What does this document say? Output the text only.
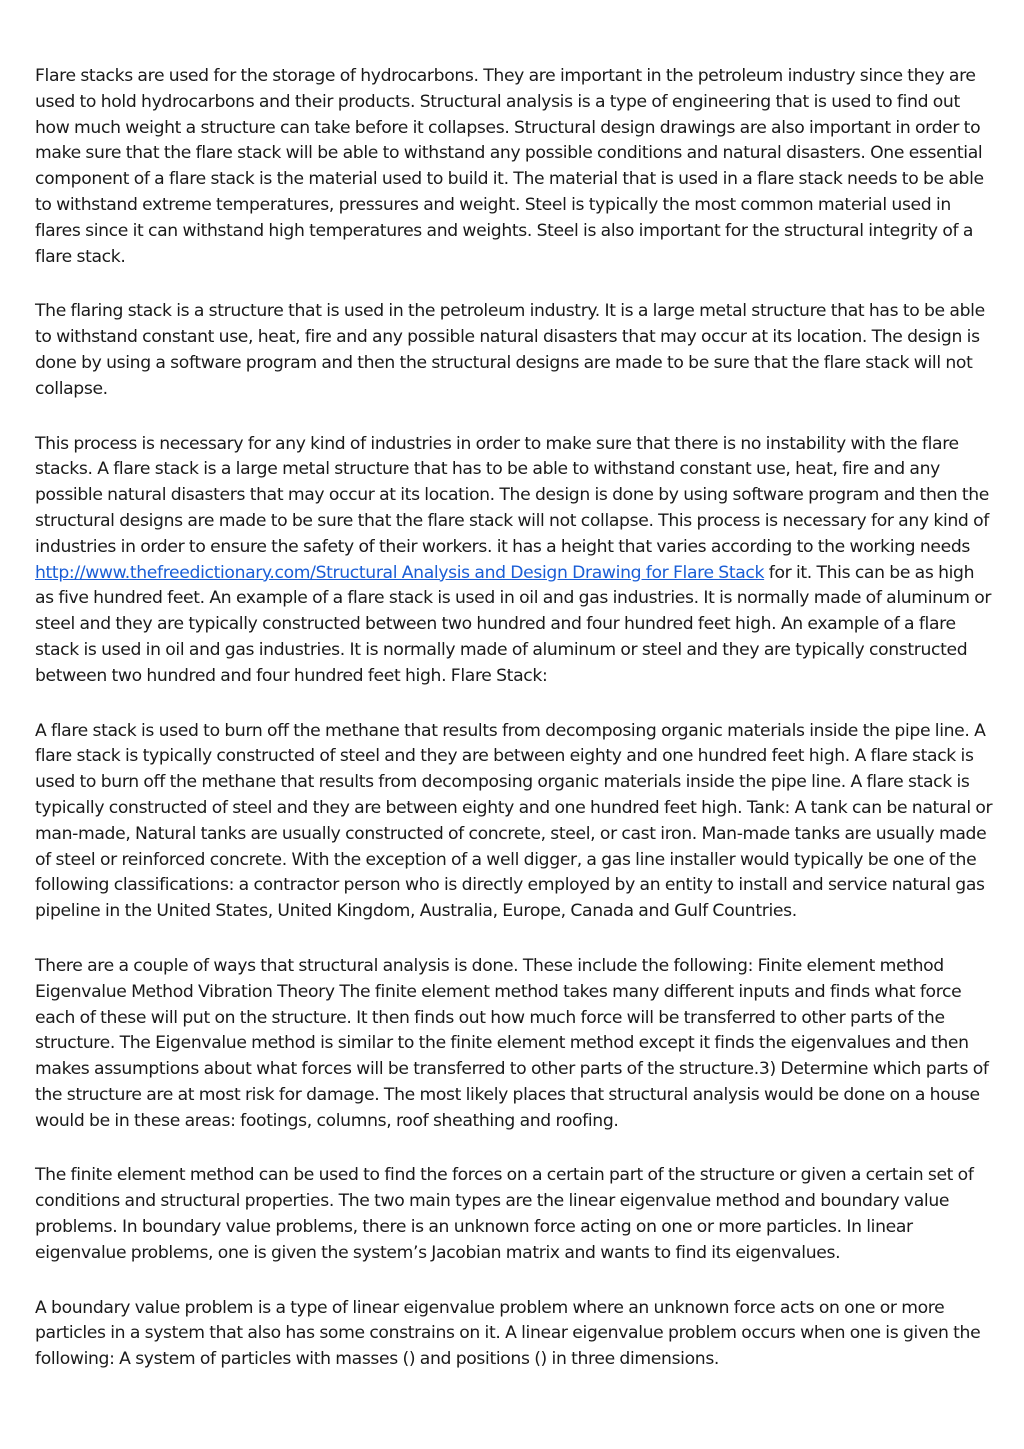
Flare stacks are used for the storage of hydrocarbons. They are important in the petroleum industry since they are used to hold hydrocarbons and their products. Structural analysis is a type of engineering that is used to find out how much weight a structure can take before it collapses. Structural design drawings are also important in order to make sure that the flare stack will be able to withstand any possible conditions and natural disasters. One essential component of a flare stack is the material used to build it. The material that is used in a flare stack needs to be able to withstand extreme temperatures, pressures and weight. Steel is typically the most common material used in flares since it can withstand high temperatures and weights. Steel is also important for the structural integrity of a flare stack.

The flaring stack is a structure that is used in the petroleum industry. It is a large metal structure that has to be able to withstand constant use, heat, fire and any possible natural disasters that may occur at its location. The design is done by using a software program and then the structural designs are made to be sure that the flare stack will not collapse.

This process is necessary for any kind of industries in order to make sure that there is no instability with the flare stacks. A flare stack is a large metal structure that has to be able to withstand constant use, heat, fire and any possible natural disasters that may occur at its location. The design is done by using software program and then the structural designs are made to be sure that the flare stack will not collapse. This process is necessary for any kind of industries in order to ensure the safety of their workers. it has a height that varies according to the working needs http://www.thefreedictionary.com/Structural Analysis and Design Drawing for Flare Stack for it. This can be as high as five hundred feet. An example of a flare stack is used in oil and gas industries. It is normally made of aluminum or steel and they are typically constructed between two hundred and four hundred feet high. An example of a flare stack is used in oil and gas industries. It is normally made of aluminum or steel and they are typically constructed between two hundred and four hundred feet high. Flare Stack:

A flare stack is used to burn off the methane that results from decomposing organic materials inside the pipe line. A flare stack is typically constructed of steel and they are between eighty and one hundred feet high. A flare stack is used to burn off the methane that results from decomposing organic materials inside the pipe line. A flare stack is typically constructed of steel and they are between eighty and one hundred feet high. Tank: A tank can be natural or man-made, Natural tanks are usually constructed of concrete, steel, or cast iron. Man-made tanks are usually made of steel or reinforced concrete. With the exception of a well digger, a gas line installer would typically be one of the following classifications: a contractor person who is directly employed by an entity to install and service natural gas pipeline in the United States, United Kingdom, Australia, Europe, Canada and Gulf Countries.

There are a couple of ways that structural analysis is done. These include the following: Finite element method Eigenvalue Method Vibration Theory The finite element method takes many different inputs and finds what force each of these will put on the structure. It then finds out how much force will be transferred to other parts of the structure. The Eigenvalue method is similar to the finite element method except it finds the eigenvalues and then makes assumptions about what forces will be transferred to other parts of the structure.3) Determine which parts of the structure are at most risk for damage. The most likely places that structural analysis would be done on a house would be in these areas: footings, columns, roof sheathing and roofing.

The finite element method can be used to find the forces on a certain part of the structure or given a certain set of conditions and structural properties. The two main types are the linear eigenvalue method and boundary value problems. In boundary value problems, there is an unknown force acting on one or more particles. In linear eigenvalue problems, one is given the system’s Jacobian matrix and wants to find its eigenvalues.

A boundary value problem is a type of linear eigenvalue problem where an unknown force acts on one or more particles in a system that also has some constrains on it. A linear eigenvalue problem occurs when one is given the following: A system of particles with masses () and positions () in three dimensions.
